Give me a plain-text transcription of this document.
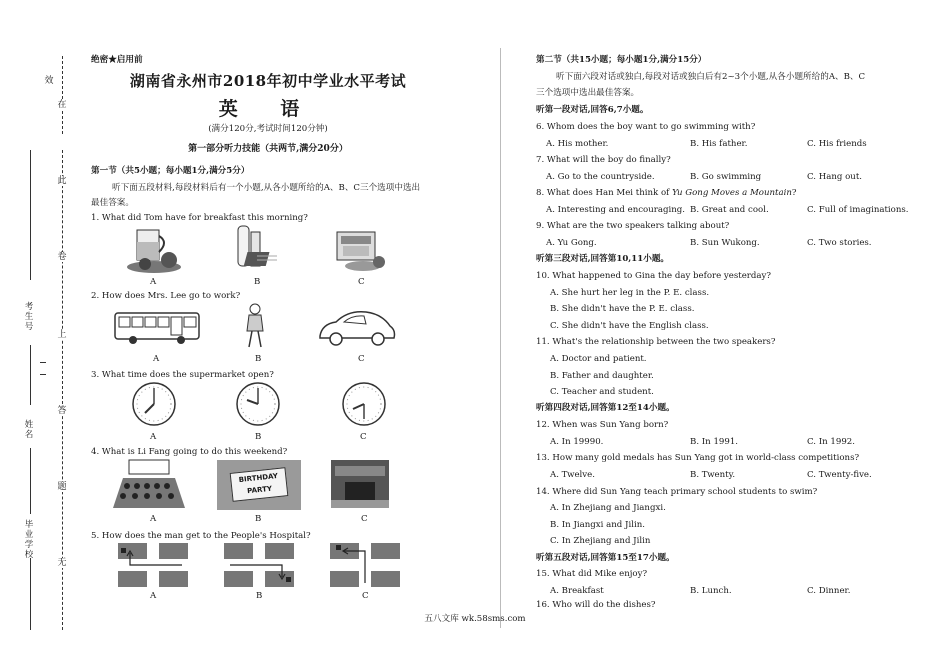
效
在
此
卷
上
答
题
无
考生号
姓名
毕业学校
绝密★启用前
湖南省永州市2018年初中学业水平考试
英 语
(满分120分,考试时间120分钟)
第一部分听力技能（共两节,满分20分）
第一节（共5小题；每小题1分,满分5分）
听下面五段材料,每段材料后有一个小题,从各小题所给的A、B、C三个选项中选出
最佳答案。
1. What did Tom have for breakfast this morning?
A	B	C
2. How does Mrs. Lee go to work?
A	B	C
3. What time does the supermarket open?
A	B	C
4. What is Li Fang going to do this weekend?
BIRTHDAY PARTY
A	B	C
5. How does the man get to the People's Hospital?
A	B	C
第二节（共15小题；每小题1分,满分15分）
听下面六段对话或独白,每段对话或独白后有2~3个小题,从各小题所给的A、B、C
三个选项中选出最佳答案。
听第一段对话,回答6,7小题。
6. Whom does the boy want to go swimming with?
A. His mother.	B. His father.	C. His friends
7. What will the boy do finally?
A. Go to the countryside.	B. Go swimming	C. Hang out.
8. What does Han Mei think of Yu Gong Moves a Mountain?
A. Interesting and encouraging. B. Great and cool.	C. Full of imaginations.
9. What are the two speakers talking about?
A. Yu Gong.	B. Sun Wukong.	C. Two stories.
听第三段对话,回答第10,11小题。
10. What happened to Gina the day before yesterday?
A. She hurt her leg in the P. E. class.
B. She didn't have the P. E. class.
C. She didn't have the English class.
11. What's the relationship between the two speakers?
A. Doctor and patient.
B. Father and daughter.
C. Teacher and student.
听第四段对话,回答第12至14小题。
12. When was Sun Yang born?
A. In 19990.	B. In 1991.	C. In 1992.
13. How many gold medals has Sun Yang got in world-class competitions?
A. Twelve.	B. Twenty.	C. Twenty-five.
14. Where did Sun Yang teach primary school students to swim?
A. In Zhejiang and Jiangxi.
B. In Jiangxi and Jilin.
C. In Zhejiang and Jilin
听第五段对话,回答第15至17小题。
15. What did Mike enjoy?
A. Breakfast	B. Lunch.	C. Dinner.
16. Who will do the dishes?
五八文库 wk.58sms.com
